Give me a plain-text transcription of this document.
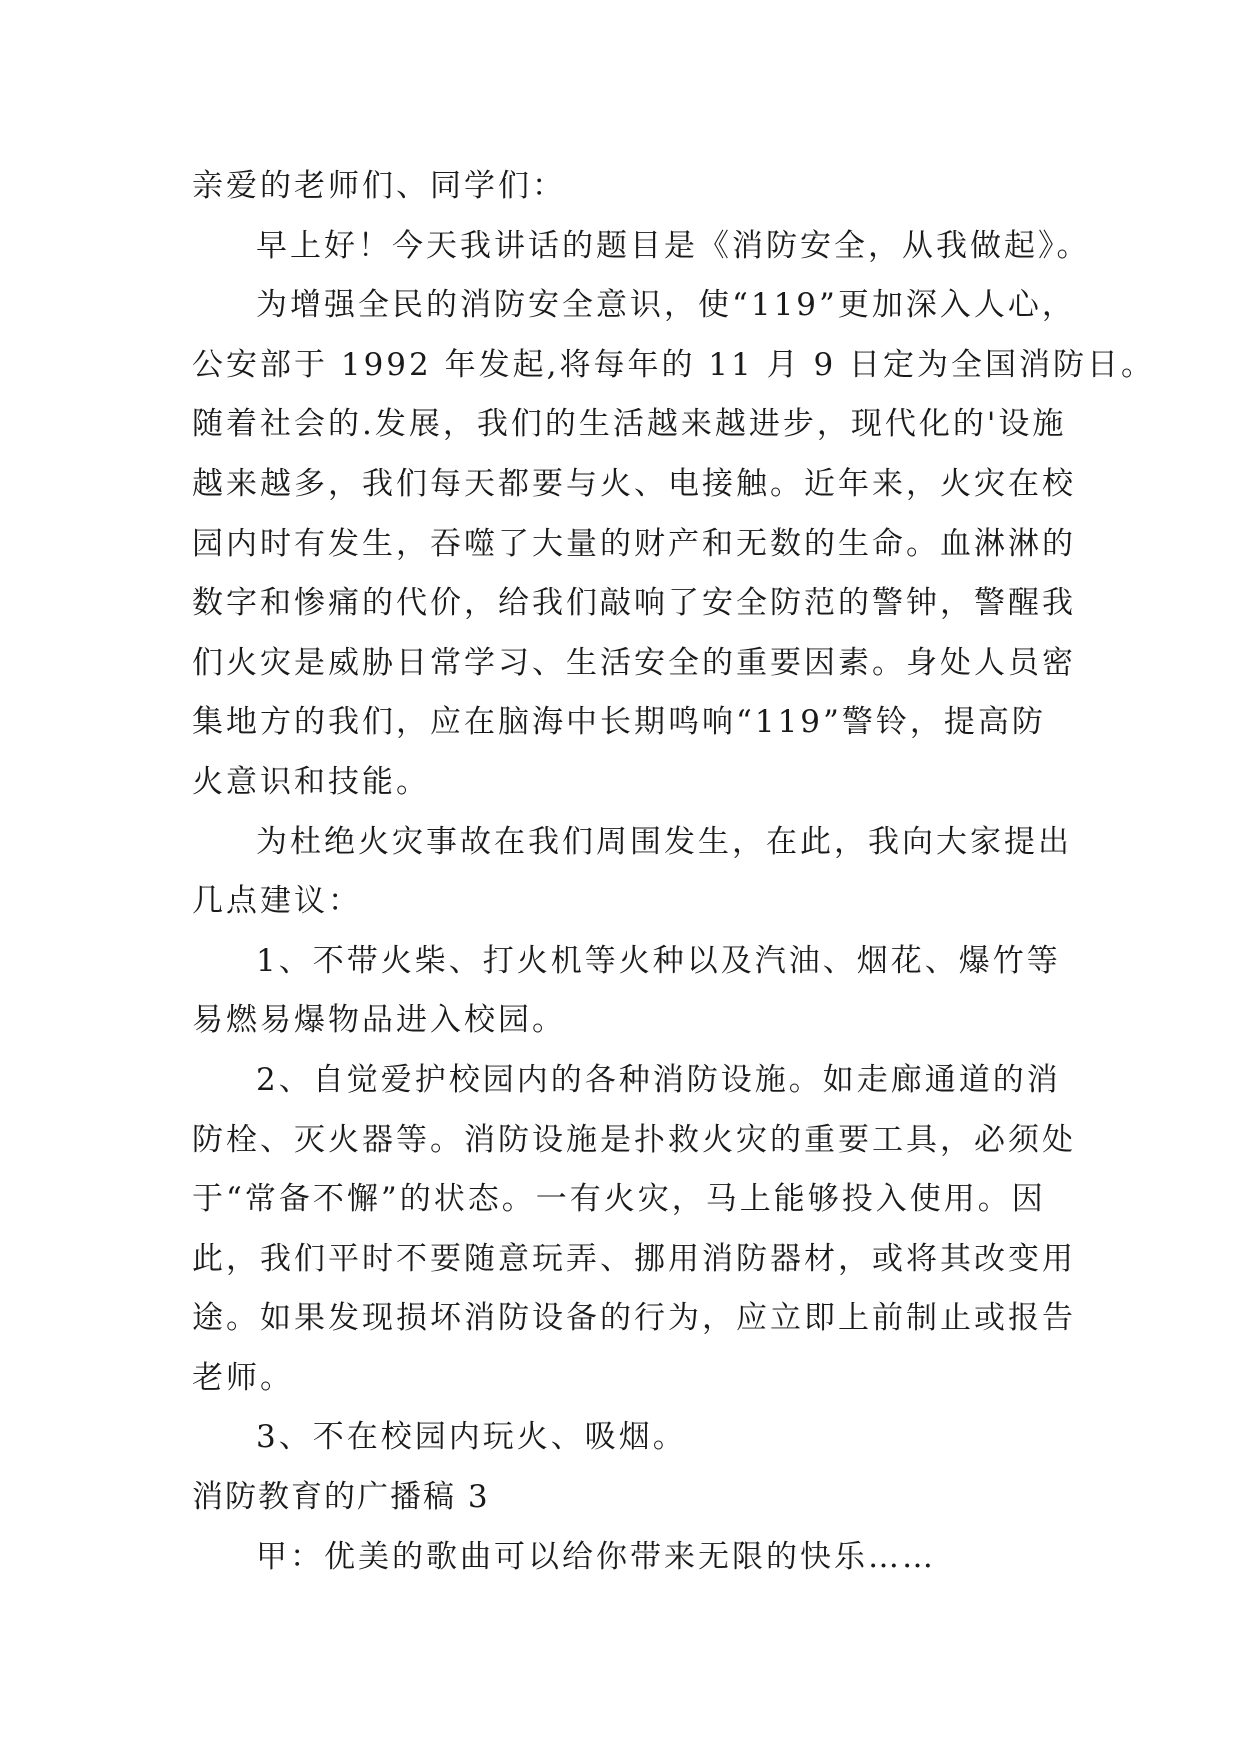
亲爱的老师们、同学们：
早上好！今天我讲话的题目是《消防安全，从我做起》。
为增强全民的消防安全意识，使“119”更加深入人心，
公安部于 1992 年发起,将每年的 11 月 9 日定为全国消防日。
随着社会的.发展，我们的生活越来越进步，现代化的'设施
越来越多，我们每天都要与火、电接触。近年来，火灾在校
园内时有发生，吞噬了大量的财产和无数的生命。血淋淋的
数字和惨痛的代价，给我们敲响了安全防范的警钟，警醒我
们火灾是威胁日常学习、生活安全的重要因素。身处人员密
集地方的我们，应在脑海中长期鸣响“119”警铃，提高防
火意识和技能。
为杜绝火灾事故在我们周围发生，在此，我向大家提出
几点建议：
1、不带火柴、打火机等火种以及汽油、烟花、爆竹等
易燃易爆物品进入校园。
2、自觉爱护校园内的各种消防设施。如走廊通道的消
防栓、灭火器等。消防设施是扑救火灾的重要工具，必须处
于“常备不懈”的状态。一有火灾，马上能够投入使用。因
此，我们平时不要随意玩弄、挪用消防器材，或将其改变用
途。如果发现损坏消防设备的行为，应立即上前制止或报告
老师。
3、不在校园内玩火、吸烟。
消防教育的广播稿 3
甲：优美的歌曲可以给你带来无限的快乐……
